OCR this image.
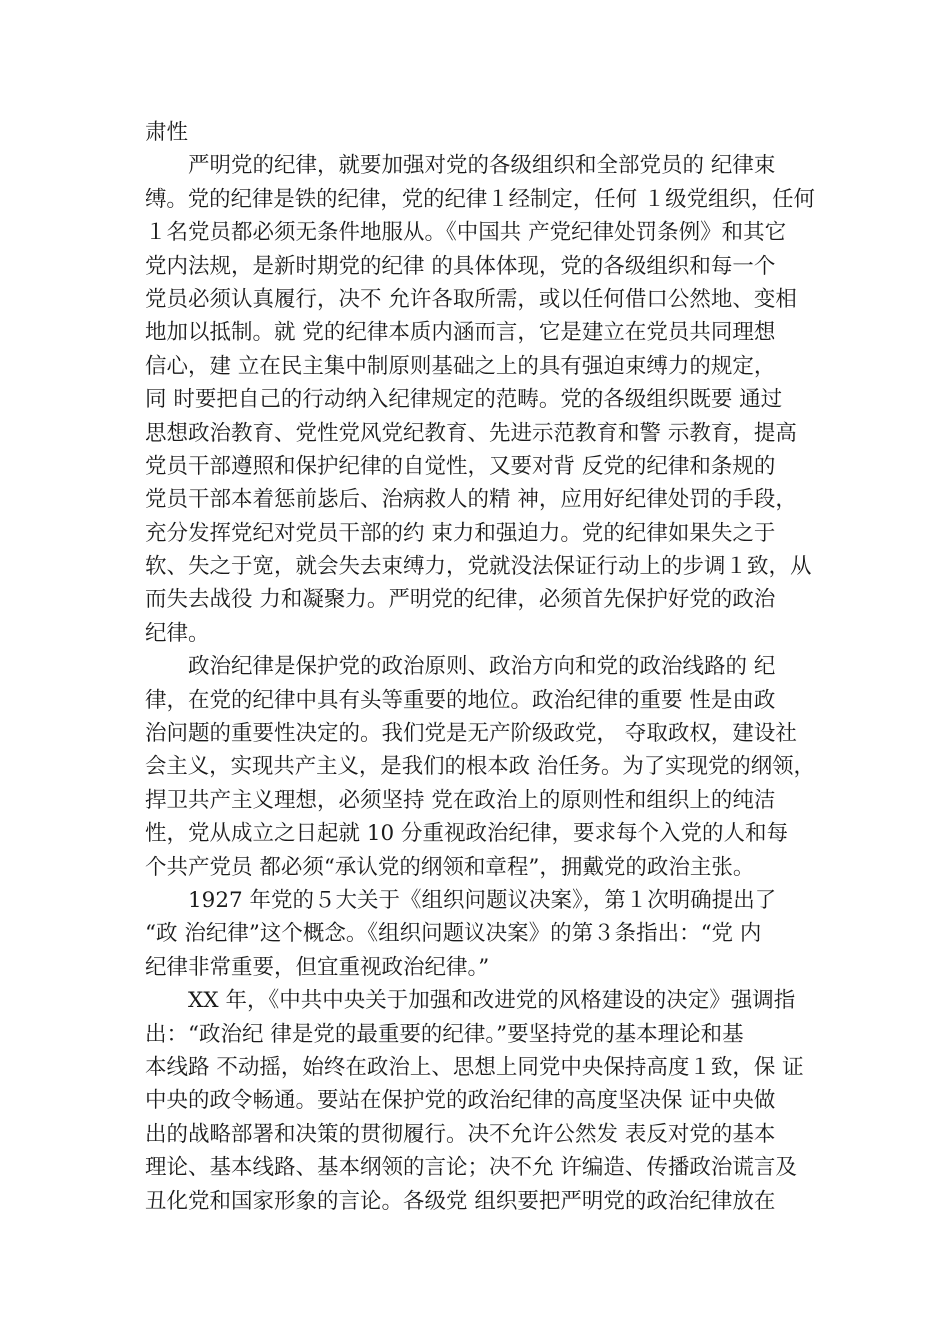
肃性
严明党的纪律，就要加强对党的各级组织和全部党员的 纪律束
缚。党的纪律是铁的纪律，党的纪律１经制定，任何 １级党组织，任何
１名党员都必须无条件地服从。《中国共 产党纪律处罚条例》和其它
党内法规，是新时期党的纪律 的具体体现，党的各级组织和每一个
党员必须认真履行，决不 允许各取所需，或以任何借口公然地、变相
地加以抵制。就 党的纪律本质内涵而言，它是建立在党员共同理想
信心，建 立在民主集中制原则基础之上的具有强迫束缚力的规定，
同 时要把自己的行动纳入纪律规定的范畴。党的各级组织既要 通过
思想政治教育、党性党风党纪教育、先进示范教育和警 示教育，提高
党员干部遵照和保护纪律的自觉性，又要对背 反党的纪律和条规的
党员干部本着惩前毖后、治病救人的精 神，应用好纪律处罚的手段，
充分发挥党纪对党员干部的约 束力和强迫力。党的纪律如果失之于
软、失之于宽，就会失去束缚力，党就没法保证行动上的步调１致，从
而失去战役 力和凝聚力。严明党的纪律，必须首先保护好党的政治
纪律。
政治纪律是保护党的政治原则、政治方向和党的政治线路的 纪
律，在党的纪律中具有头等重要的地位。政治纪律的重要 性是由政
治问题的重要性决定的。我们党是无产阶级政党， 夺取政权，建设社
会主义，实现共产主义，是我们的根本政 治任务。为了实现党的纲领，
捍卫共产主义理想，必须坚持 党在政治上的原则性和组织上的纯洁
性，党从成立之日起就 10 分重视政治纪律，要求每个入党的人和每
个共产党员 都必须“承认党的纲领和章程”，拥戴党的政治主张。
1927 年党的５大关于《组织问题议决案》，第１次明确提出了
“政 治纪律”这个概念。《组织问题议决案》的第３条指出：“党 内
纪律非常重要，但宜重视政治纪律。”
XX 年，《中共中央关于加强和改进党的风格建设的决定》强调指
出：“政治纪 律是党的最重要的纪律。”要坚持党的基本理论和基
本线路 不动摇，始终在政治上、思想上同党中央保持高度１致，保 证
中央的政令畅通。要站在保护党的政治纪律的高度坚决保 证中央做
出的战略部署和决策的贯彻履行。决不允许公然发 表反对党的基本
理论、基本线路、基本纲领的言论；决不允 许编造、传播政治谎言及
丑化党和国家形象的言论。各级党 组织要把严明党的政治纪律放在
